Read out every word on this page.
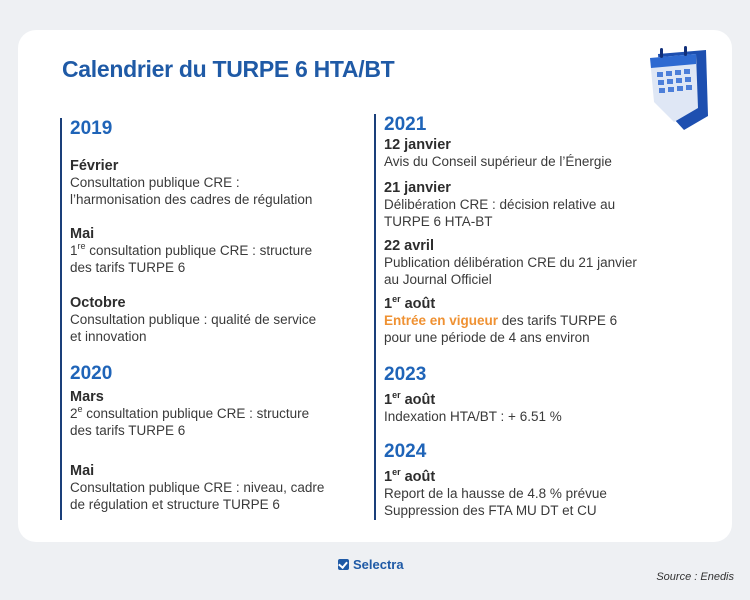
Calendrier du TURPE 6 HTA/BT
2019
Février
Consultation publique CRE :
l’harmonisation des cadres de régulation
Mai
1re consultation publique CRE : structure
des tarifs TURPE 6
Octobre
Consultation publique : qualité de service
et innovation
2020
Mars
2e consultation publique CRE : structure
des tarifs TURPE 6
Mai
Consultation publique CRE : niveau, cadre
de régulation et structure TURPE 6
2021
12 janvier
Avis du Conseil supérieur de l’Énergie
21 janvier
Délibération CRE : décision relative au
TURPE 6 HTA-BT
22 avril
Publication délibération CRE du 21 janvier
au Journal Officiel
1er août
Entrée en vigueur des tarifs TURPE 6
pour une période de 4 ans environ
2023
1er août
Indexation HTA/BT : + 6.51 %
2024
1er août
Report de la hausse de 4.8 % prévue
Suppression des FTA MU DT et CU
Selectra
Source : Enedis
